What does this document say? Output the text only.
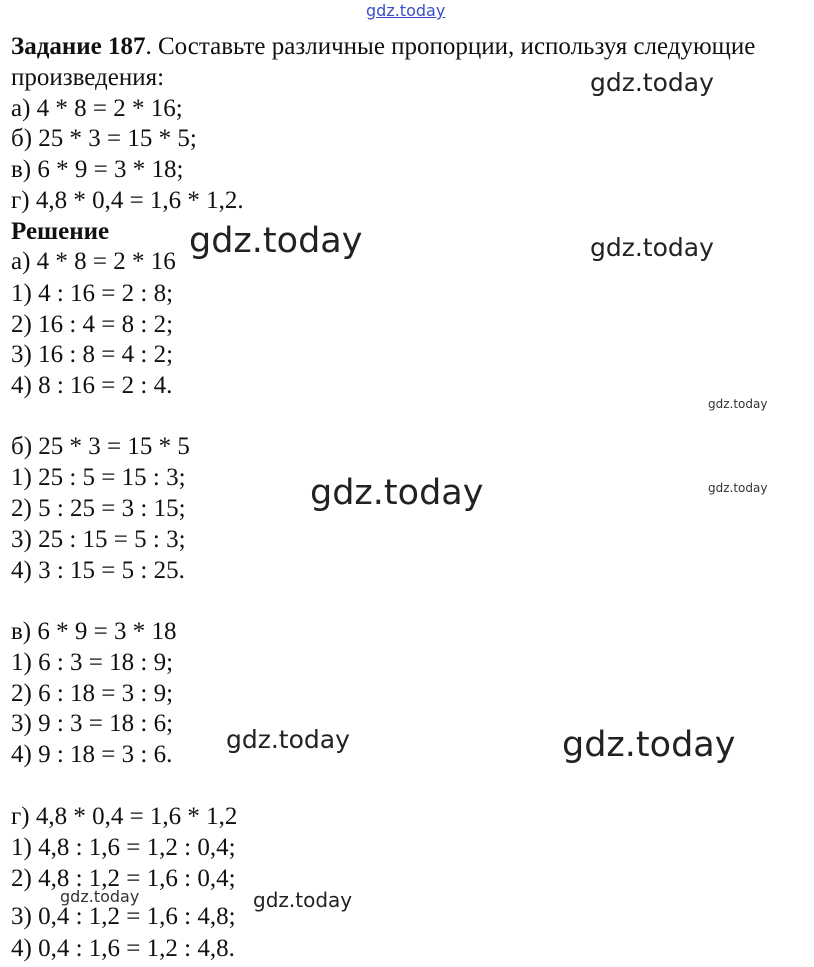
Задание 187. Составьте различные пропорции, используя следующие
произведения:
а) 4 * 8 = 2 * 16;
б) 25 * 3 = 15 * 5;
в) 6 * 9 = 3 * 18;
г) 4,8 * 0,4 = 1,6 * 1,2.
Решение
а) 4 * 8 = 2 * 16
1) 4 : 16 = 2 : 8;
2) 16 : 4 = 8 : 2;
3) 16 : 8 = 4 : 2;
4) 8 : 16 = 2 : 4.
б) 25 * 3 = 15 * 5
1) 25 : 5 = 15 : 3;
2) 5 : 25 = 3 : 15;
3) 25 : 15 = 5 : 3;
4) 3 : 15 = 5 : 25.
в) 6 * 9 = 3 * 18
1) 6 : 3 = 18 : 9;
2) 6 : 18 = 3 : 9;
3) 9 : 3 = 18 : 6;
4) 9 : 18 = 3 : 6.
г) 4,8 * 0,4 = 1,6 * 1,2
1) 4,8 : 1,6 = 1,2 : 0,4;
2) 4,8 : 1,2 = 1,6 : 0,4;
3) 0,4 : 1,2 = 1,6 : 4,8;
4) 0,4 : 1,6 = 1,2 : 4,8.
gdz.today
gdz.today
gdz.today	gdz.today
gdz.today
gdz.today	gdz.today
gdz.today	gdz.today
gdz.today	gdz.today
